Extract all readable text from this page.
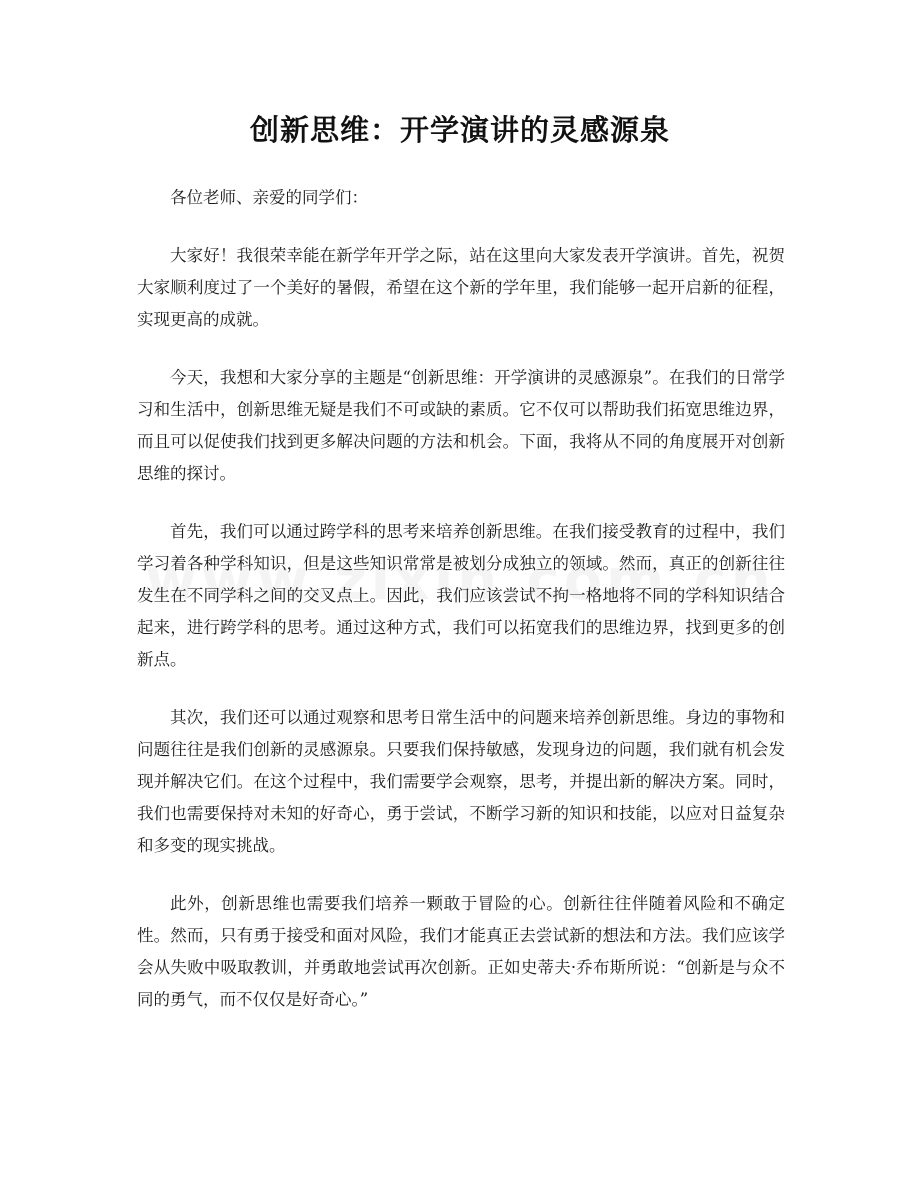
创新思维：开学演讲的灵感源泉

各位老师、亲爱的同学们：

大家好！我很荣幸能在新学年开学之际，站在这里向大家发表开学演讲。首先，祝贺大家顺利度过了一个美好的暑假，希望在这个新的学年里，我们能够一起开启新的征程，实现更高的成就。

今天，我想和大家分享的主题是“创新思维：开学演讲的灵感源泉”。在我们的日常学习和生活中，创新思维无疑是我们不可或缺的素质。它不仅可以帮助我们拓宽思维边界，而且可以促使我们找到更多解决问题的方法和机会。下面，我将从不同的角度展开对创新思维的探讨。

首先，我们可以通过跨学科的思考来培养创新思维。在我们接受教育的过程中，我们学习着各种学科知识，但是这些知识常常是被划分成独立的领域。然而，真正的创新往往发生在不同学科之间的交叉点上。因此，我们应该尝试不拘一格地将不同的学科知识结合起来，进行跨学科的思考。通过这种方式，我们可以拓宽我们的思维边界，找到更多的创新点。

其次，我们还可以通过观察和思考日常生活中的问题来培养创新思维。身边的事物和问题往往是我们创新的灵感源泉。只要我们保持敏感，发现身边的问题，我们就有机会发现并解决它们。在这个过程中，我们需要学会观察，思考，并提出新的解决方案。同时，我们也需要保持对未知的好奇心，勇于尝试，不断学习新的知识和技能，以应对日益复杂和多变的现实挑战。

此外，创新思维也需要我们培养一颗敢于冒险的心。创新往往伴随着风险和不确定性。然而，只有勇于接受和面对风险，我们才能真正去尝试新的想法和方法。我们应该学会从失败中吸取教训，并勇敢地尝试再次创新。正如史蒂夫·乔布斯所说：“创新是与众不同的勇气，而不仅仅是好奇心。”
